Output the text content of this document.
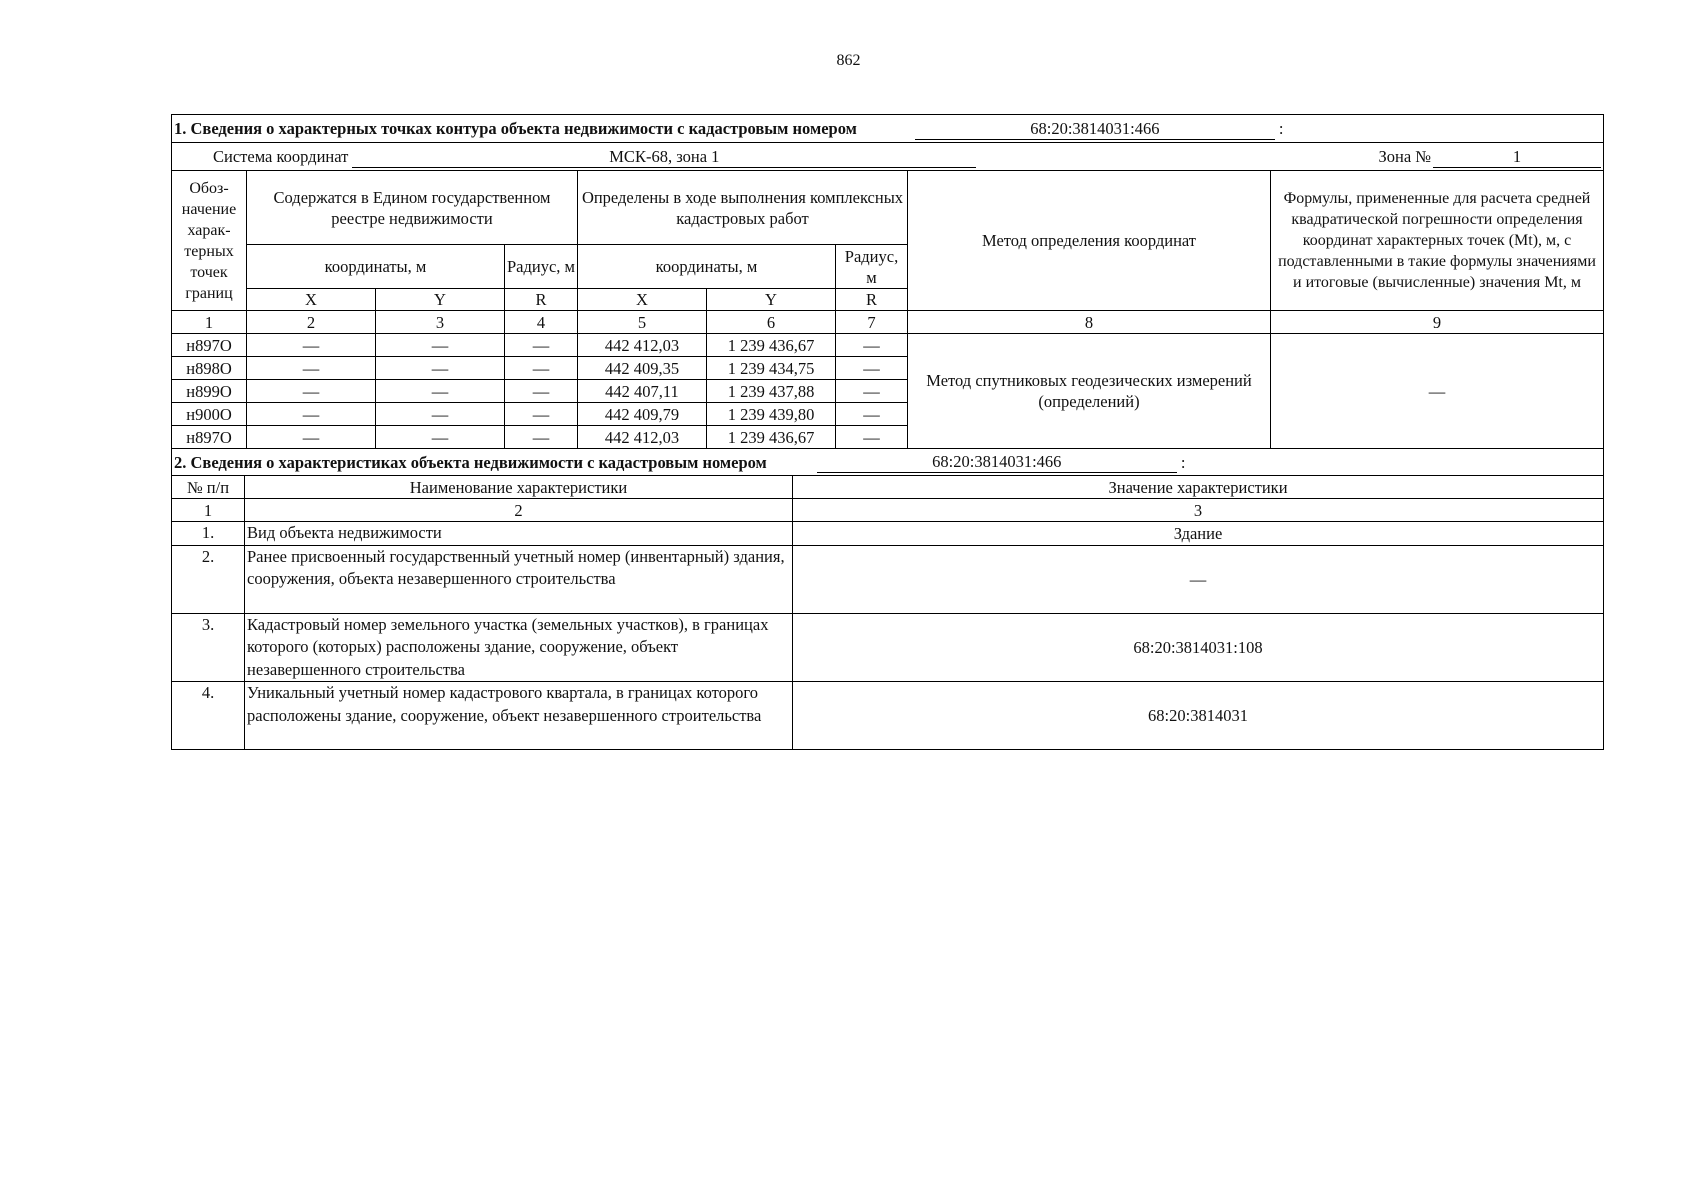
862
1. Сведения о характерных точках контура объекта недвижимости с кадастровым номером 68:20:3814031:466 :								

Система координат МСК-68, зона 1 Зона № 1								

Обоз-начение харак-терных точек границ	Содержатся в Едином государственном реестре недвижимости			Определены в ходе выполнения комплексных кадастровых работ			Метод определения координат	Формулы, примененные для расчета средней квадратической погрешности определения координат характерных точек (Mt), м, с подставленными в такие формулы значениями и итоговые (вычисленные) значения Mt, м
	координаты, м		Радиус, м	координаты, м		Радиус, м		
	X	Y	R	X	Y	R		
1	2	3	4	5	6	7	8	9
н897О	—	—	—	442 412,03	1 239 436,67	—	Метод спутниковых геодезических измерений (определений)	—
н898О	—	—	—	442 409,35	1 239 434,75	—		
н899О	—	—	—	442 407,11	1 239 437,88	—		
н900О	—	—	—	442 409,79	1 239 439,80	—		
н897О	—	—	—	442 412,03	1 239 436,67	—		
2. Сведения о характеристиках объекта недвижимости с кадастровым номером 68:20:3814031:466 :		

№ п/п	Наименование характеристики	Значение характеристики
1	2	3
1.	Вид объекта недвижимости	Здание
2.	Ранее присвоенный государственный учетный номер (инвентарный) здания, сооружения, объекта незавершенного строительства	—
3.	Кадастровый номер земельного участка (земельных участков), в границах которого (которых) расположены здание, сооружение, объект незавершенного строительства	68:20:3814031:108
4.	Уникальный учетный номер кадастрового квартала, в границах которого расположены здание, сооружение, объект незавершенного строительства	68:20:3814031
